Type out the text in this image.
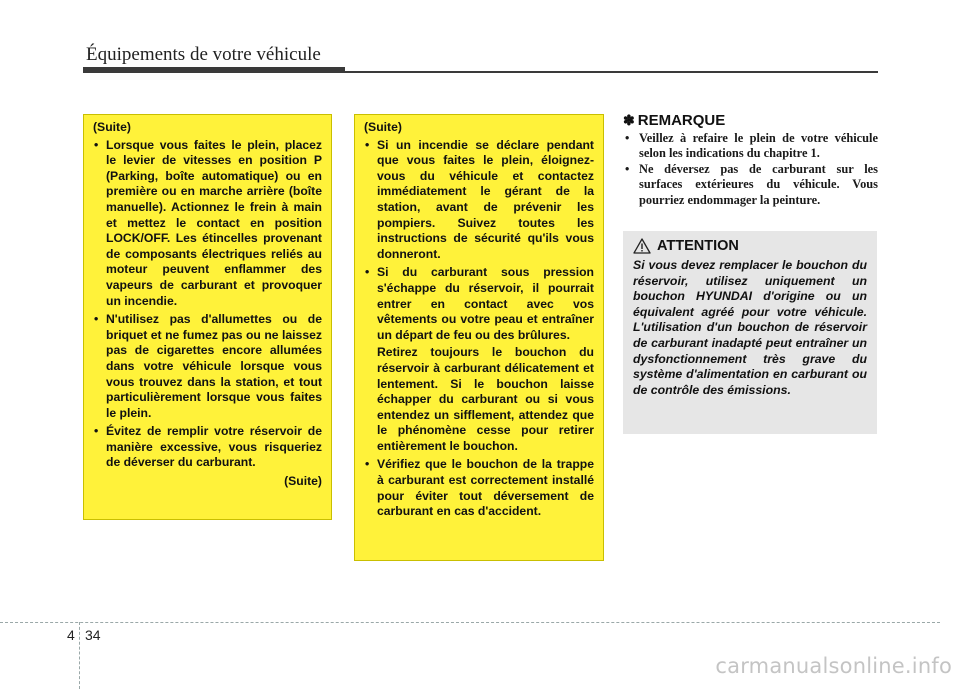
Équipements de votre véhicule
(Suite)
• Lorsque vous faites le plein, placez le levier de vitesses en position P (Parking, boîte automatique) ou en première ou en marche arrière (boîte manuelle). Actionnez le frein à main et mettez le contact en position LOCK/OFF. Les étincelles provenant de composants électriques reliés au moteur peuvent enflammer des vapeurs de carburant et provoquer un incendie.
• N'utilisez pas d'allumettes ou de briquet et ne fumez pas ou ne laissez pas de cigarettes encore allumées dans votre véhicule lorsque vous vous trouvez dans la station, et tout particulièrement lorsque vous faites le plein.
• Évitez de remplir votre réservoir de manière excessive, vous risqueriez de déverser du carburant.
(Suite)
(Suite)
• Si un incendie se déclare pendant que vous faites le plein, éloignez-vous du véhicule et contactez immédiatement le gérant de la station, avant de prévenir les pompiers. Suivez toutes les instructions de sécurité qu'ils vous donneront.
• Si du carburant sous pression s'échappe du réservoir, il pourrait entrer en contact avec vos vêtements ou votre peau et entraîner un départ de feu ou des brûlures.
Retirez toujours le bouchon du réservoir à carburant délicatement et lentement. Si le bouchon laisse échapper du carburant ou si vous entendez un sifflement, attendez que le phénomène cesse pour retirer entièrement le bouchon.
• Vérifiez que le bouchon de la trappe à carburant est correctement installé pour éviter tout déversement de carburant en cas d'accident.
✽ REMARQUE
• Veillez à refaire le plein de votre véhicule selon les indications du chapitre 1.
• Ne déversez pas de carburant sur les surfaces extérieures du véhicule. Vous pourriez endommager la peinture.
ATTENTION
Si vous devez remplacer le bouchon du réservoir, utilisez uniquement un bouchon HYUNDAI d'origine ou un équivalent agréé pour votre véhicule. L'utilisation d'un bouchon de réservoir de carburant inadapté peut entraîner un dysfonctionnement très grave du système d'alimentation en carburant ou de contrôle des émissions.
4 34
carmanualsonline.info
